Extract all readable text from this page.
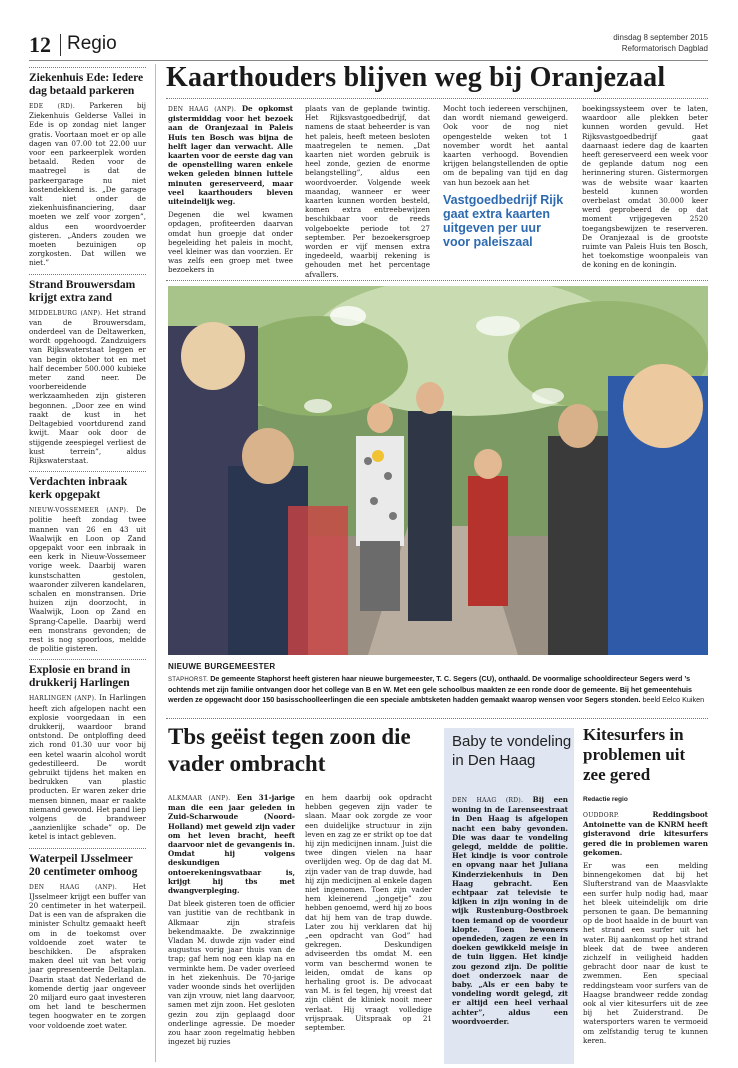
12 Regio	dinsdag 8 september 2015
Reformatorisch Dagblad
Ziekenhuis Ede: Iedere dag betaald parkeren

EDE (RD). Parkeren bij Ziekenhuis Gelderse Vallei in Ede is op zondag niet langer gratis. Voortaan moet er op alle dagen van 07.00 tot 22.00 uur voor een parkeerplek worden betaald. Reden voor de maatregel is dat de parkeergarage nu niet kostendekkend is. „De garage valt niet onder de ziekenhuisfinanciering, daar moeten we zelf voor zorgen”, aldus een woordvoerder gisteren. „Anders zouden we moeten bezuinigen op zorgkosten. Dat willen we niet.”

Strand Brouwersdam krijgt extra zand

MIDDELBURG (ANP). Het strand van de Brouwersdam, onderdeel van de Deltawerken, wordt opgehoogd. Zandzuigers van Rijkswaterstaat leggen er van begin oktober tot en met half december 500.000 kubieke meter zand neer. De voorbereidende werkzaamheden zijn gisteren begonnen. „Door zee en wind raakt de kust in het Deltagebied voortdurend zand kwijt. Maar ook door de stijgende zeespiegel verliest de kust terrein”, aldus Rijkswaterstaat.

Verdachten inbraak kerk opgepakt

NIEUW-VOSSEMEER (ANP). De politie heeft zondag twee mannen van 26 en 43 uit Waalwijk en Loon op Zand opgepakt voor een inbraak in een kerk in Nieuw-Vossemeer vorige week. Daarbij waren kunstschatten gestolen, waaronder zilveren kandelaren, schalen en monstransen. Drie huizen zijn doorzocht, in Waalwijk, Loon op Zand en Sprang-Capelle. Daarbij werd een monstrans gevonden; de rest is nog spoorloos, meldde de politie gisteren.

Explosie en brand in drukkerij Harlingen

HARLINGEN (ANP). In Harlingen heeft zich afgelopen nacht een explosie voorgedaan in een drukkerij, waardoor brand ontstond. De ontploffing deed zich rond 01.30 uur voor bij een ketel waarin alcohol wordt gedestilleerd. De wordt gebruikt tijdens het maken en bedrukken van plastic producten. Er waren zeker drie mensen binnen, maar er raakte niemand gewond. Het pand liep volgens de brandweer „aanzienlijke schade” op. De ketel is intact gebleven.

Waterpeil IJsselmeer 20 centimeter omhoog

DEN HAAG (ANP). Het IJsselmeer krijgt een buffer van 20 centimeter in het waterpeil. Dat is een van de afspraken die minister Schultz gemaakt heeft om in de toekomst over voldoende zoet water te beschikken. De afspraken maken deel uit van het vorig jaar gepresenteerde Deltaplan. Daarin staat dat Nederland de komende dertig jaar ongeveer 20 miljard euro gaat investeren om het land te beschermen tegen hoogwater en te zorgen voor voldoende zoet water.

Kaarthouders blijven weg bij Oranjezaal

DEN HAAG (ANP). De opkomst gistermiddag voor het bezoek aan de Oranjezaal in Paleis Huis ten Bosch was bijna de helft lager dan verwacht. Alle kaarten voor de eerste dag van de openstelling waren enkele weken geleden binnen luttele minuten gereserveerd, maar veel kaarthouders bleven uiteindelijk weg.

Degenen die wel kwamen opdagen, profiteerden daarvan omdat hun groepje dat onder begeleiding het paleis in mocht, veel kleiner was dan voorzien. Er was zelfs een groep met twee bezoekers in

plaats van de geplande twintig. Het Rijksvastgoedbedrijf, dat namens de staat beheerder is van het paleis, heeft meteen besloten maatregelen te nemen. „Dat kaarten niet worden gebruik is heel zonde, gezien de enorme belangstelling”, aldus een woordvoerder. Volgende week maandag, wanneer er weer kaarten kunnen worden besteld, komen extra entreebewijzen beschikbaar voor de reeds volgeboekte periode tot 27 september. Per bezoekersgroep worden er vijf mensen extra ingedeeld, waarbij rekening is gehouden met het percentage afvallers.

Mocht toch iedereen verschijnen, dan wordt niemand geweigerd. Ook voor de nog niet opengestelde weken tot 1 november wordt het aantal kaarten verhoogd. Bovendien krijgen belangstellenden de optie om de bepaling van tijd en dag van hun bezoek aan het

Vastgoedbedrijf Rijk gaat extra kaarten uitgeven per uur voor paleiszaal

boekingssysteem over te laten, waardoor alle plekken beter kunnen worden gevuld. Het Rijksvastgoedbedrijf gaat daarnaast iedere dag de kaarten heeft gereserveerd een week voor de geplande datum nog een herinnering sturen. Gistermorgen was de website waar kaarten besteld kunnen worden overbelast omdat 30.000 keer werd geprobeerd de op dat moment vrijgegeven 2520 toegangsbewijzen te reserveren. De Oranjezaal is de grootste ruimte van Paleis Huis ten Bosch, het toekomstige woonpaleis van de koning en de koningin.

NIEUWE BURGEMEESTER
STAPHORST. De gemeente Staphorst heeft gisteren haar nieuwe burgemeester, T. C. Segers (CU), onthaald. De voormalige schooldirecteur Segers werd ’s ochtends met zijn familie ontvangen door het college van B en W. Met een gele schoolbus maakten ze een ronde door de gemeente. Bij het gemeentehuis werden ze opgewacht door 150 basisschoolleerlingen die een speciale ambtsketen hadden gemaakt waarop wensen voor Segers stonden. beeld Eelco Kuiken
Tbs geëist tegen zoon die vader ombracht

ALKMAAR (ANP). Een 31-jarige man die een jaar geleden in Zuid-Scharwoude (Noord-Holland) met geweld zijn vader om het leven bracht, heeft daarvoor niet de gevangenis in. Omdat hij volgens deskundigen ontoerekeningsvatbaar is, krijgt hij tbs met dwangverpleging.

Dat bleek gisteren toen de officier van justitie van de rechtbank in Alkmaar zijn strafeis bekendmaakte. De zwakzinnige Vladan M. duwde zijn vader eind augustus vorig jaar thuis van de trap; gaf hem nog een klap na en verminkte hem. De vader overleed in het ziekenhuis. De 70-jarige vader woonde sinds het overlijden van zijn vrouw, niet lang daarvoor, samen met zijn zoon. Het gesloten gezin zou zijn geplaagd door onderlinge agressie. De moeder zou haar zoon regelmatig hebben ingezet bij ruzies

en hem daarbij ook opdracht hebben gegeven zijn vader te slaan. Maar ook zorgde ze voor een duidelijke structuur in zijn leven en zag ze er strikt op toe dat hij zijn medicijnen innam. Juist die twee dingen vielen na haar overlijden weg. Op de dag dat M. zijn vader van de trap duwde, had hij zijn medicijnen al enkele dagen niet ingenomen. Toen zijn vader hem kleinerend „jongetje” zou hebben genoemd, werd hij zo boos dat hij hem van de trap duwde. Later zou hij verklaren dat hij „een opdracht van God” had gekregen. Deskundigen adviseerden tbs omdat M. een vorm van beschermd wonen te leiden, omdat de kans op herhaling groot is. De advocaat van M. is fel tegen, hij vreest dat zijn cliënt de kliniek nooit meer verlaat. Hij vraagt volledige vrijspraak. Uitspraak op 21 september.

Baby te vondeling in Den Haag

DEN HAAG (RD). Bij een woning in de Larenseestraat in Den Haag is afgelopen nacht een baby gevonden. Die was daar te vondeling gelegd, meldde de politie. Het kindje is voor controle en opvang naar het Juliana Kinderziekenhuis in Den Haag gebracht. Een echtpaar zat televisie te kijken in zijn woning in de wijk Rustenburg-Oostbroek toen iemand op de voordeur klopte. Toen bewoners opendeden, zagen ze een in doeken gewikkeld meisje in de tuin liggen. Het kindje zou gezond zijn. De politie doet onderzoek naar de baby. „Als er een baby te vondeling wordt gelegd, zit er altijd een heel verhaal achter”, aldus een woordvoerder.

Kitesurfers in problemen uit zee gered
Redactie regio

OUDDORP.	Reddingsboot Antoinette van de KNRM heeft gisteravond drie kitesurfers gered die in problemen waren gekomen.

Er was een melding binnengekomen dat bij het Slufterstrand van de Maasvlakte een surfer hulp nodig had, maar het bleek uiteindelijk om drie personen te gaan. De bemanning op de boot haalde in de buurt van het strand een surfer uit het water. Bij aankomst op het strand bleek dat de twee anderen zichzelf in veiligheid hadden gebracht door naar de kust te zwemmen. Een speciaal reddingsteam voor surfers van de Haagse brandweer redde zondag ook al vier kitesurfers uit de zee bij het Zuiderstrand. De watersporters waren te vermoeid om zelfstandig terug te kunnen keren.
